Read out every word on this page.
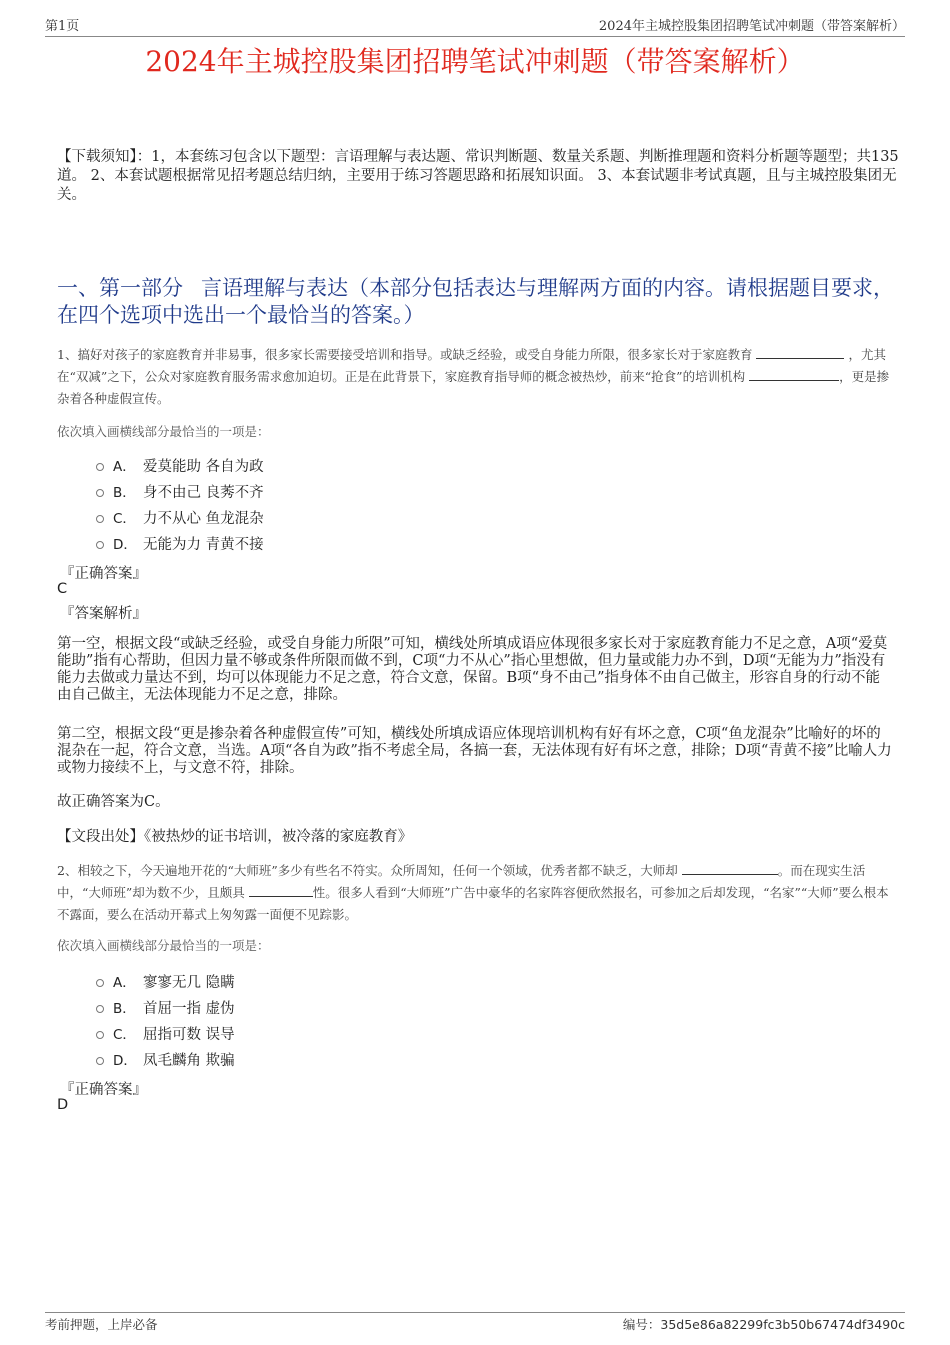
第1页	2024年主城控股集团招聘笔试冲刺题（带答案解析）
2024年主城控股集团招聘笔试冲刺题（带答案解析）
【下载须知】：1，本套练习包含以下题型：言语理解与表达题、常识判断题、数量关系题、判断推理题和资料分析题等题型；共135道。 2、本套试题根据常见招考题总结归纳，主要用于练习答题思路和拓展知识面。 3、本套试题非考试真题，且与主城控股集团无关。
一、第一部分 言语理解与表达（本部分包括表达与理解两方面的内容。请根据题目要求，在四个选项中选出一个最恰当的答案。）
1、搞好对孩子的家庭教育并非易事，很多家长需要接受培训和指导。或缺乏经验，或受自身能力所限，很多家长对于家庭教育	，尤其在“双减”之下，公众对家庭教育服务需求愈加迫切。正是在此背景下，家庭教育指导师的概念被热炒，前来“抢食”的培训机构	，更是掺杂着各种虚假宣传。
依次填入画横线部分最恰当的一项是：
A． 爱莫能助 各自为政
B． 身不由己 良莠不齐
C． 力不从心 鱼龙混杂
D． 无能为力 青黄不接
『正确答案』
C
『答案解析』
第一空，根据文段“或缺乏经验，或受自身能力所限”可知，横线处所填成语应体现很多家长对于家庭教育能力不足之意，A项“爱莫能助”指有心帮助，但因力量不够或条件所限而做不到，C项“力不从心”指心里想做，但力量或能力办不到，D项“无能为力”指没有能力去做或力量达不到，均可以体现能力不足之意，符合文意，保留。B项“身不由己”指身体不由自己做主，形容自身的行动不能由自己做主，无法体现能力不足之意，排除。
第二空，根据文段“更是掺杂着各种虚假宣传”可知，横线处所填成语应体现培训机构有好有坏之意，C项“鱼龙混杂”比喻好的坏的混杂在一起，符合文意，当选。A项“各自为政”指不考虑全局，各搞一套，无法体现有好有坏之意，排除；D项“青黄不接”比喻人力或物力接续不上，与文意不符，排除。
故正确答案为C。
【文段出处】《被热炒的证书培训，被冷落的家庭教育》
2、相较之下，今天遍地开花的“大师班”多少有些名不符实。众所周知，任何一个领域，优秀者都不缺乏，大师却	。而在现实生活中，“大师班”却为数不少，且颇具	性。很多人看到“大师班”广告中豪华的名家阵容便欣然报名，可参加之后却发现，“名家”“大师”要么根本不露面，要么在活动开幕式上匆匆露一面便不见踪影。
依次填入画横线部分最恰当的一项是：
A． 寥寥无几 隐瞒
B． 首屈一指 虚伪
C． 屈指可数 误导
D． 凤毛麟角 欺骗
『正确答案』
D
考前押题，上岸必备	编号：35d5e86a82299fc3b50b67474df3490c
